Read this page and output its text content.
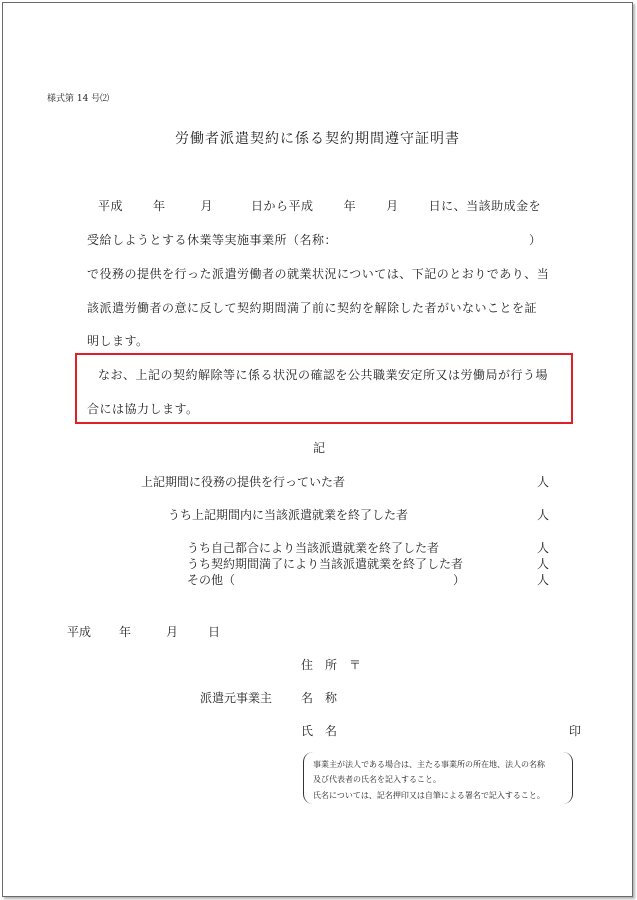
様式第 14 号⑵
労働者派遣契約に係る契約期間遵守証明書
平成	年	月	日から平成	年	月	日に、当該助成金を
受給しようとする休業等実施事業所（名称：	）
で役務の提供を行った派遣労働者の就業状況については、下記のとおりであり、当
該派遣労働者の意に反して契約期間満了前に契約を解除した者がいないことを証
明します。
なお、上記の契約解除等に係る状況の確認を公共職業安定所又は労働局が行う場
合には協力します。
記
上記期間に役務の提供を行っていた者	人
うち上記期間内に当該派遣就業を終了した者	人
うち自己都合により当該派遣就業を終了した者	人
うち契約期間満了により当該派遣就業を終了した者	人
その他（	）	人
平成 年	月	日
住　所 〒
派遣元事業主 名　称
氏　名	印
事業主が法人である場合は、主たる事業所の所在地、法人の名称
及び代表者の氏名を記入すること。
氏名については、記名押印又は自筆による署名で記入すること。
